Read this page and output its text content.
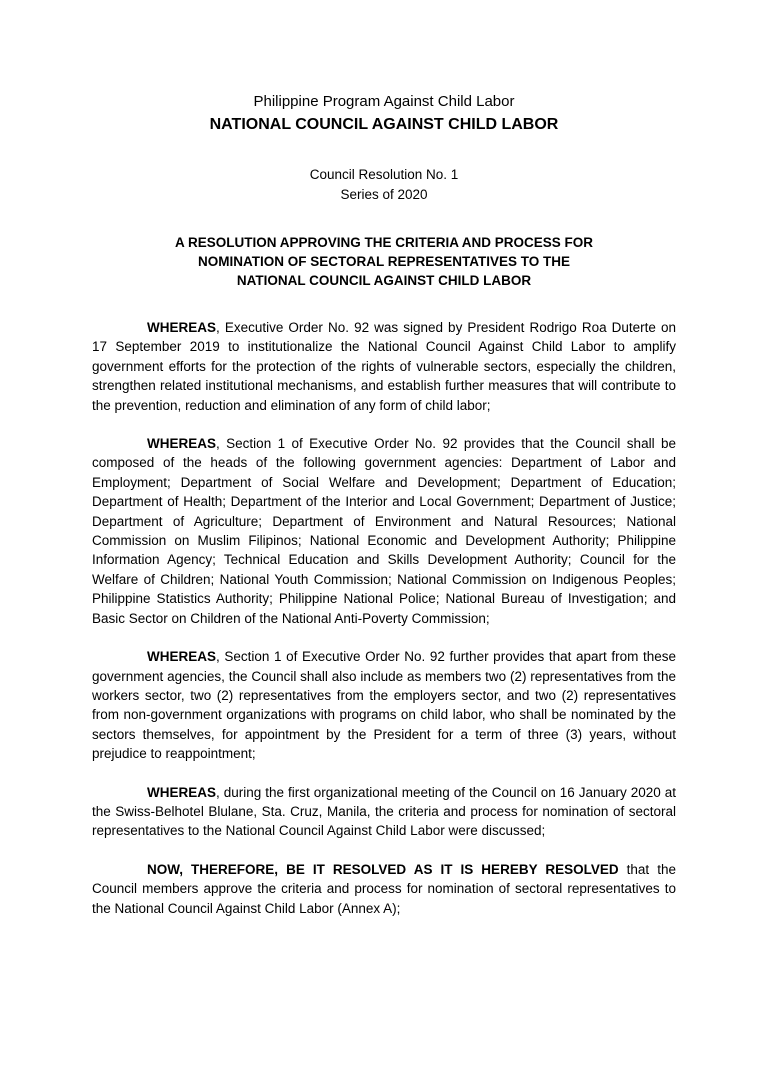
Philippine Program Against Child Labor
NATIONAL COUNCIL AGAINST CHILD LABOR
Council Resolution No. 1
Series of 2020
A RESOLUTION APPROVING THE CRITERIA AND PROCESS FOR
NOMINATION OF SECTORAL REPRESENTATIVES TO THE
NATIONAL COUNCIL AGAINST CHILD LABOR

WHEREAS, Executive Order No. 92 was signed by President Rodrigo Roa Duterte on 17 September 2019 to institutionalize the National Council Against Child Labor to amplify government efforts for the protection of the rights of vulnerable sectors, especially the children, strengthen related institutional mechanisms, and establish further measures that will contribute to the prevention, reduction and elimination of any form of child labor;

WHEREAS, Section 1 of Executive Order No. 92 provides that the Council shall be composed of the heads of the following government agencies: Department of Labor and Employment; Department of Social Welfare and Development; Department of Education; Department of Health; Department of the Interior and Local Government; Department of Justice; Department of Agriculture; Department of Environment and Natural Resources; National Commission on Muslim Filipinos; National Economic and Development Authority; Philippine Information Agency; Technical Education and Skills Development Authority; Council for the Welfare of Children; National Youth Commission; National Commission on Indigenous Peoples; Philippine Statistics Authority; Philippine National Police; National Bureau of Investigation; and Basic Sector on Children of the National Anti-Poverty Commission;

WHEREAS, Section 1 of Executive Order No. 92 further provides that apart from these government agencies, the Council shall also include as members two (2) representatives from the workers sector, two (2) representatives from the employers sector, and two (2) representatives from non-government organizations with programs on child labor, who shall be nominated by the sectors themselves, for appointment by the President for a term of three (3) years, without prejudice to reappointment;

WHEREAS, during the first organizational meeting of the Council on 16 January 2020 at the Swiss-Belhotel Blulane, Sta. Cruz, Manila, the criteria and process for nomination of sectoral representatives to the National Council Against Child Labor were discussed;

NOW, THEREFORE, BE IT RESOLVED AS IT IS HEREBY RESOLVED that the Council members approve the criteria and process for nomination of sectoral representatives to the National Council Against Child Labor (Annex A);
